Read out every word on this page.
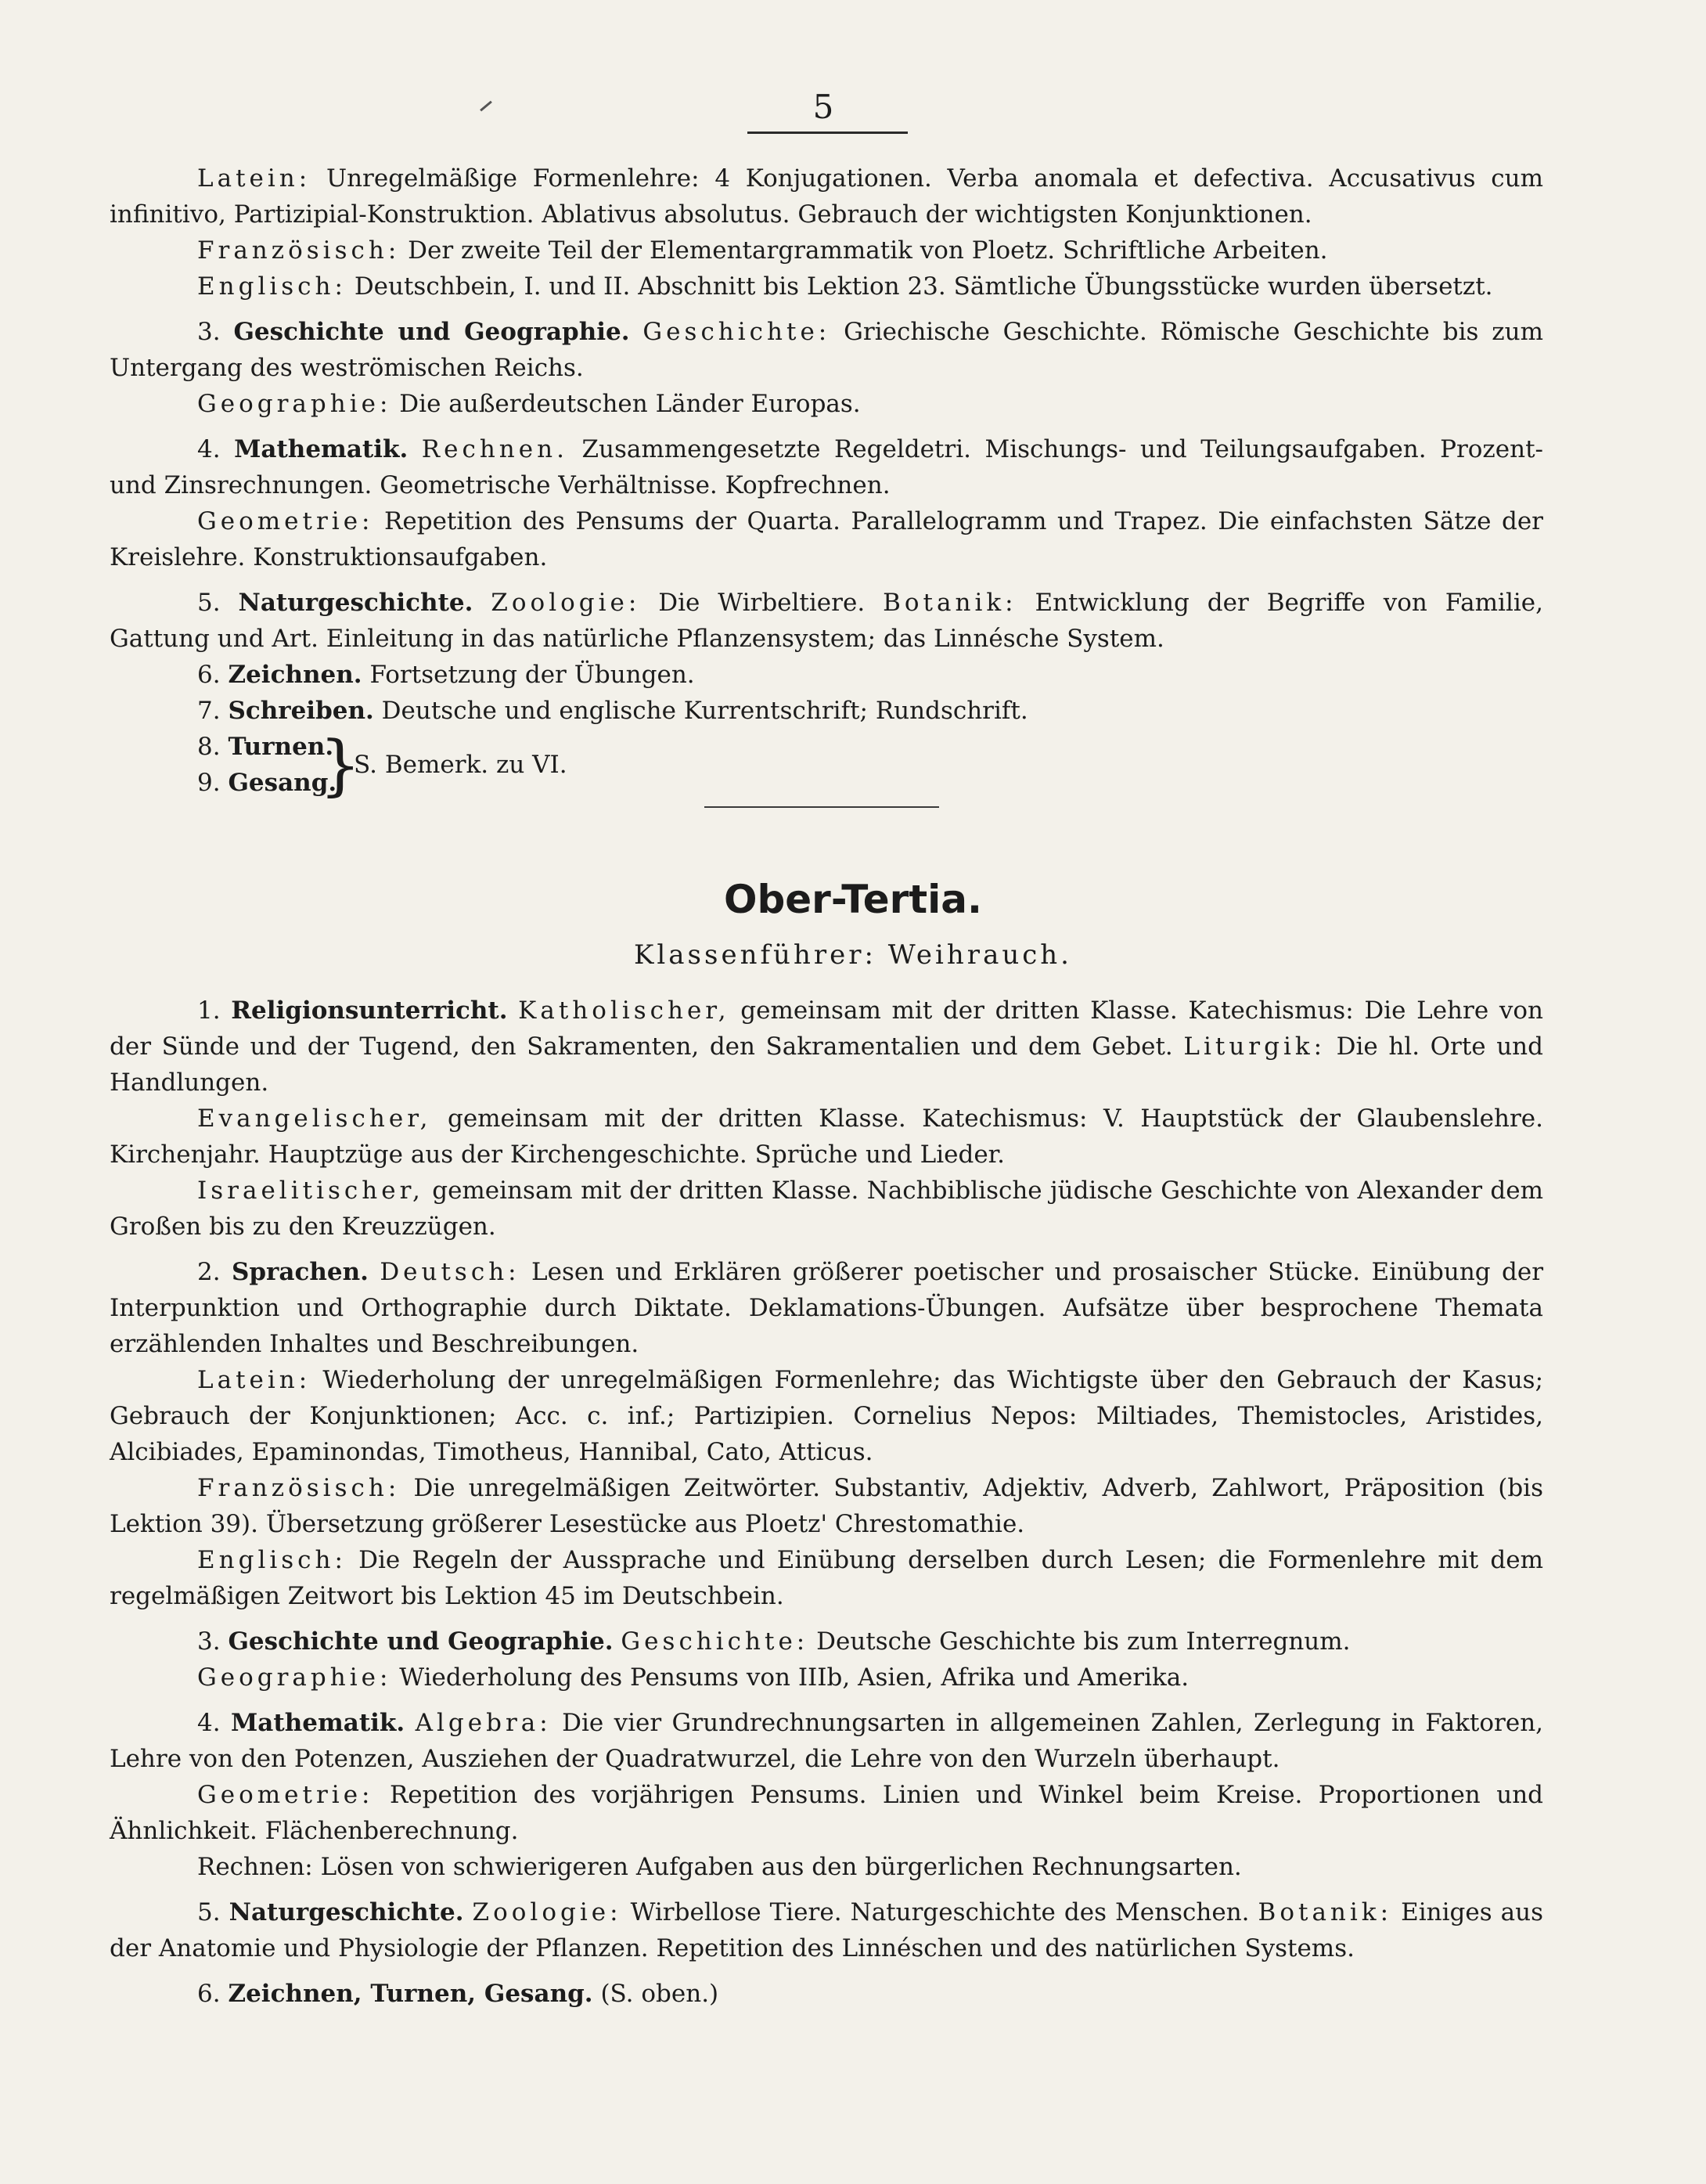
5

Latein: Unregelmäßige Formenlehre: 4 Konjugationen. Verba anomala et defectiva. Accusativus cum infinitivo, Partizipial-Konstruktion. Ablativus absolutus. Gebrauch der wichtigsten Konjunktionen.

Französisch: Der zweite Teil der Elementargrammatik von Ploetz. Schriftliche Arbeiten.

Englisch: Deutschbein, I. und II. Abschnitt bis Lektion 23. Sämtliche Übungsstücke wurden übersetzt.

3. Geschichte und Geographie. Geschichte: Griechische Geschichte. Römische Geschichte bis zum Untergang des weströmischen Reichs.

Geographie: Die außerdeutschen Länder Europas.

4. Mathematik. Rechnen. Zusammengesetzte Regeldetri. Mischungs- und Teilungsaufgaben. Prozent- und Zinsrechnungen. Geometrische Verhältnisse. Kopfrechnen.

Geometrie: Repetition des Pensums der Quarta. Parallelogramm und Trapez. Die einfachsten Sätze der Kreislehre. Konstruktionsaufgaben.

5. Naturgeschichte. Zoologie: Die Wirbeltiere. Botanik: Entwicklung der Begriffe von Familie, Gattung und Art. Einleitung in das natürliche Pflanzensystem; das Linnésche System.

6. Zeichnen. Fortsetzung der Übungen.

7. Schreiben. Deutsche und englische Kurrentschrift; Rundschrift.

8. Turnen.
9. Gesang.
}
S. Bemerk. zu VI.
Ober-Tertia.
Klassenführer: Weihrauch.

1. Religionsunterricht. Katholischer, gemeinsam mit der dritten Klasse. Katechismus: Die Lehre von der Sünde und der Tugend, den Sakramenten, den Sakramentalien und dem Gebet. Liturgik: Die hl. Orte und Handlungen.

Evangelischer, gemeinsam mit der dritten Klasse. Katechismus: V. Hauptstück der Glaubenslehre. Kirchenjahr. Hauptzüge aus der Kirchengeschichte. Sprüche und Lieder.

Israelitischer, gemeinsam mit der dritten Klasse. Nachbiblische jüdische Geschichte von Alexander dem Großen bis zu den Kreuzzügen.

2. Sprachen. Deutsch: Lesen und Erklären größerer poetischer und prosaischer Stücke. Einübung der Interpunktion und Orthographie durch Diktate. Deklamations-Übungen. Aufsätze über besprochene Themata erzählenden Inhaltes und Beschreibungen.

Latein: Wiederholung der unregelmäßigen Formenlehre; das Wichtigste über den Gebrauch der Kasus; Gebrauch der Konjunktionen; Acc. c. inf.; Partizipien. Cornelius Nepos: Miltiades, Themistocles, Aristides, Alcibiades, Epaminondas, Timotheus, Hannibal, Cato, Atticus.

Französisch: Die unregelmäßigen Zeitwörter. Substantiv, Adjektiv, Adverb, Zahlwort, Präposition (bis Lektion 39). Übersetzung größerer Lesestücke aus Ploetz' Chrestomathie.

Englisch: Die Regeln der Aussprache und Einübung derselben durch Lesen; die Formenlehre mit dem regelmäßigen Zeitwort bis Lektion 45 im Deutschbein.

3. Geschichte und Geographie. Geschichte: Deutsche Geschichte bis zum Interregnum.

Geographie: Wiederholung des Pensums von IIIb, Asien, Afrika und Amerika.

4. Mathematik. Algebra: Die vier Grundrechnungsarten in allgemeinen Zahlen, Zerlegung in Faktoren, Lehre von den Potenzen, Ausziehen der Quadratwurzel, die Lehre von den Wurzeln überhaupt.

Geometrie: Repetition des vorjährigen Pensums. Linien und Winkel beim Kreise. Proportionen und Ähnlichkeit. Flächenberechnung.

Rechnen: Lösen von schwierigeren Aufgaben aus den bürgerlichen Rechnungsarten.

5. Naturgeschichte. Zoologie: Wirbellose Tiere. Naturgeschichte des Menschen. Botanik: Einiges aus der Anatomie und Physiologie der Pflanzen. Repetition des Linnéschen und des natürlichen Systems.

6. Zeichnen, Turnen, Gesang. (S. oben.)
